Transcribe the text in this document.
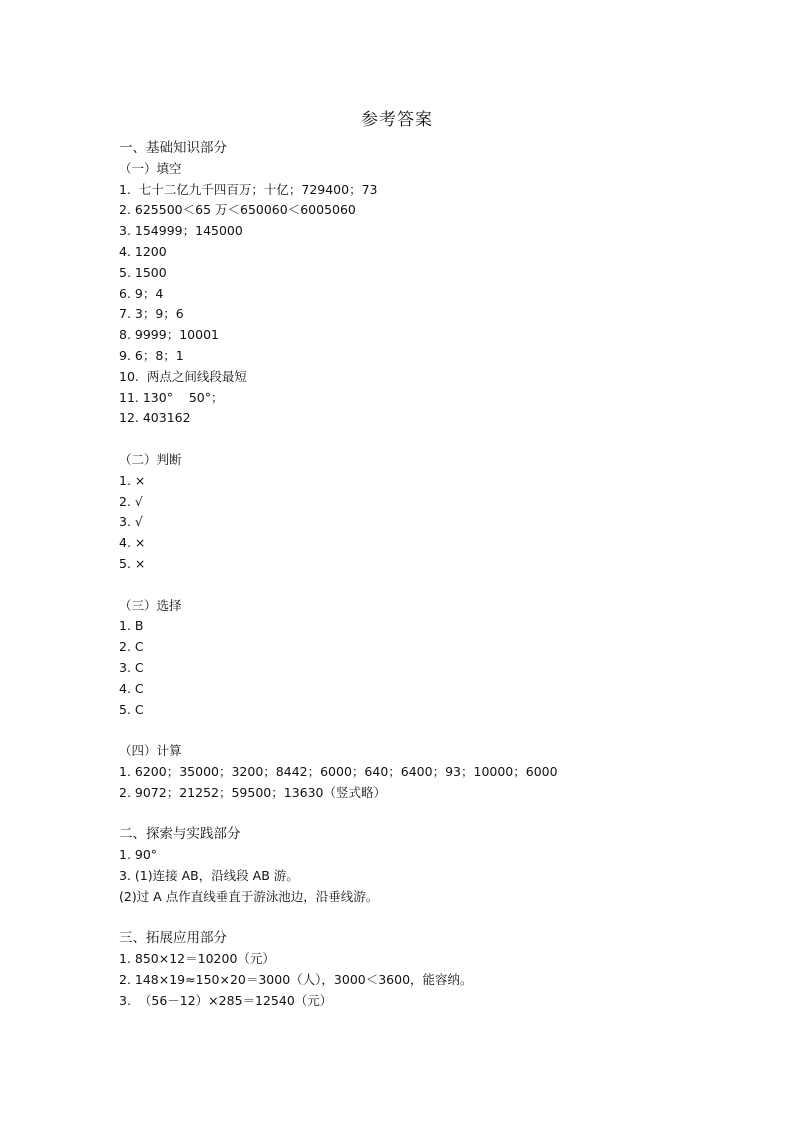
参考答案
一、基础知识部分
（一）填空
1.  七十二亿九千四百万；十亿；729400；73
2. 625500＜65 万＜650060＜6005060
3. 154999；145000
4. 1200
5. 1500
6. 9；4
7. 3；9；6
8. 9999；10001
9. 6；8；1
10.  两点之间线段最短
11. 130°    50°；
12. 403162
（二）判断
1. ×
2. √
3. √
4. ×
5. ×
（三）选择
1. B
2. C
3. C
4. C
5. C
（四）计算
1. 6200；35000；3200；8442；6000；640；6400；93；10000；6000
2. 9072；21252；59500；13630（竖式略）
二、探索与实践部分
1. 90°
3. (1)连接 AB，沿线段 AB 游。
(2)过 A 点作直线垂直于游泳池边，沿垂线游。
三、拓展应用部分
1. 850×12＝10200（元）
2. 148×19≈150×20＝3000（人），3000＜3600，能容纳。
3.  （56－12）×285＝12540（元）
